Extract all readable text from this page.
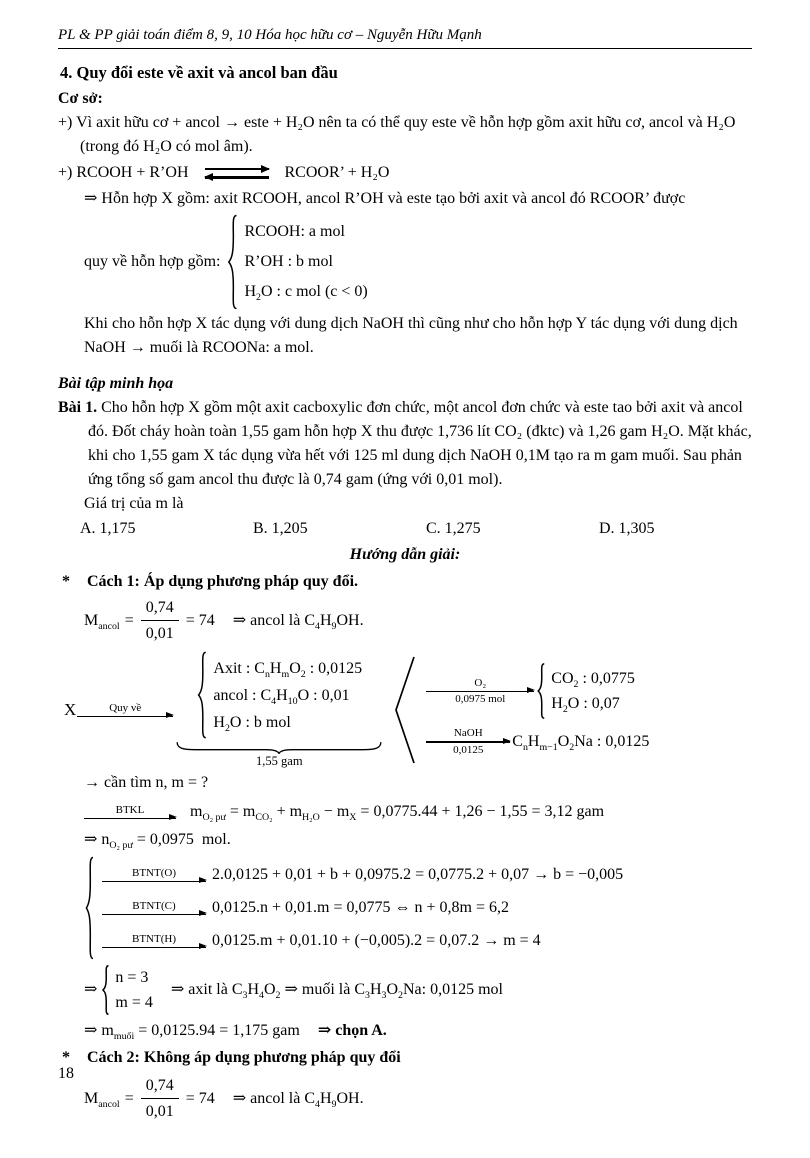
PL & PP giải toán điểm 8, 9, 10 Hóa học hữu cơ – Nguyễn Hữu Mạnh
4. Quy đổi este về axit và ancol ban đầu

Cơ sở:

+) Vì axit hữu cơ + ancol → este + H₂O nên ta có thể quy este về hỗn hợp gồm axit hữu cơ, ancol và H₂O (trong đó H₂O có mol âm).

+) RCOOH + R’OH ⇌ RCOOR’ + H₂O

⇒ Hỗn hợp X gồm: axit RCOOH, ancol R’OH và este tạo bởi axit và ancol đó RCOOR’ được

quy về hỗn hợp gồm:
RCOOH: a mol
R’OH : b mol
$H_2O$ : c mol (c < 0)

Khi cho hỗn hợp X tác dụng với dung dịch NaOH thì cũng như cho hỗn hợp Y tác dụng với dung dịch NaOH → muối là RCOONa: a mol.

Bài tập minh họa

Bài 1. Cho hỗn hợp X gồm một axit cacboxylic đơn chức, một ancol đơn chức và este tao bởi axit và ancol đó. Đốt cháy hoàn toàn 1,55 gam hỗn hợp X thu được 1,736 lít CO₂ (đktc) và 1,26 gam H₂O. Mặt khác, khi cho 1,55 gam X tác dụng vừa hết với 125 ml dung dịch NaOH 0,1M tạo ra m gam muối. Sau phản ứng tổng số gam ancol thu được là 0,74 gam (ứng với 0,01 mol).

Giá trị của m là

A. 1,175	B. 1,205	C. 1,275	D. 1,305

Hướng dẫn giải:

* Cách 1: Áp dụng phương pháp quy đổi.
$M_{ancol} = \frac{0,74}{0,01} = 74$ ⇒ ancol là $C_4H_9OH$.
X	Quy về
Axit : $C_nH_mO_2$ : 0,0125
ancol : $C_4H_{10}O$ : 0,01
$H_2O$ : b mol
1,55 gam
O₂
0,0975 mol
$CO_2$ : 0,0775
$H_2O$ : 0,07
NaOH
0,0125 $C_nH_{m-1}O_2Na$ : 0,0125

→ cần tìm n, m = ?

BTKL	$m_{O_2 pư} = m_{CO_2} + m_{H_2O} - m_X = 0,0775.44 + 1,26 - 1,55 = 3,12$ gam
⇒ $n_{O_2 pư} = 0,0975$  mol.
BTNT(O) 2.0,0125 + 0,01 + b + 0,0975.2 = 0,0775.2 + 0,07 → b = −0,005
BTNT(C) 0,0125.n + 0,01.m = 0,0775 ⇔ n + 0,8m = 6,2
BTNT(H) 0,0125.m + 0,01.10 + (−0,005).2 = 0,07.2 → m = 4
⇒
n = 3
m = 4
⇒ axit là $C_3H_4O_2$ ⇒ muối là $C_3H_3O_2Na$: 0,0125 mol
⇒ $m_{muối} = 0,0125.94 = 1,175$ gam ⇒ chọn A.
* Cách 2: Không áp dụng phương pháp quy đổi
$M_{ancol} = \frac{0,74}{0,01} = 74$ ⇒ ancol là $C_4H_9OH$.
18
